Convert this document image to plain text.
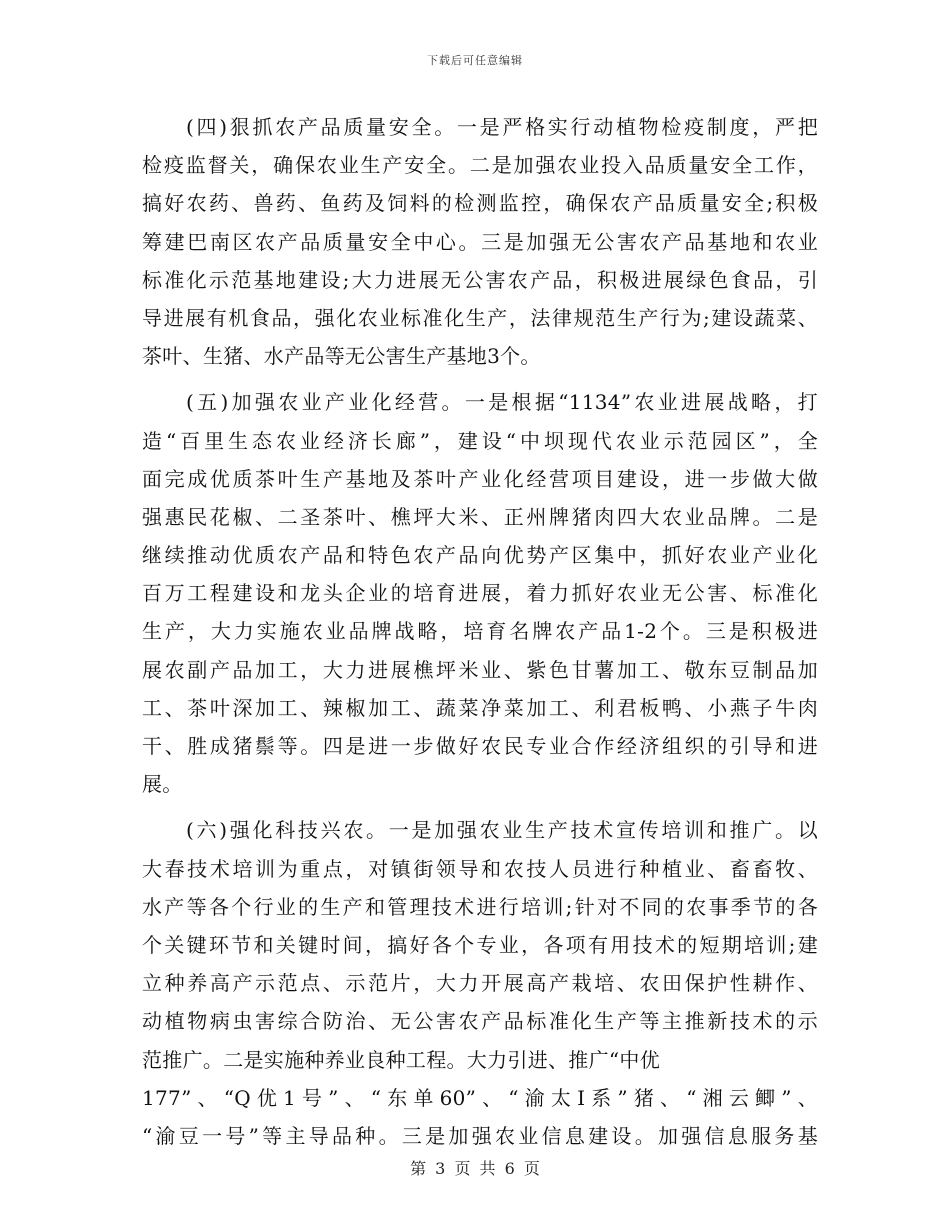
下载后可任意编辑
(四)狠抓农产品质量安全。一是严格实行动植物检疫制度，严把
检疫监督关，确保农业生产安全。二是加强农业投入品质量安全工作，
搞好农药、兽药、鱼药及饲料的检测监控，确保农产品质量安全;积极
筹建巴南区农产品质量安全中心。三是加强无公害农产品基地和农业
标准化示范基地建设;大力进展无公害农产品，积极进展绿色食品，引
导进展有机食品，强化农业标准化生产，法律规范生产行为;建设蔬菜、
茶叶、生猪、水产品等无公害生产基地3个。
(五)加强农业产业化经营。一是根据“1134”农业进展战略，打
造“百里生态农业经济长廊”，建设“中坝现代农业示范园区”，全
面完成优质茶叶生产基地及茶叶产业化经营项目建设，进一步做大做
强惠民花椒、二圣茶叶、樵坪大米、正州牌猪肉四大农业品牌。二是
继续推动优质农产品和特色农产品向优势产区集中，抓好农业产业化
百万工程建设和龙头企业的培育进展，着力抓好农业无公害、标准化
生产，大力实施农业品牌战略，培育名牌农产品1-2个。三是积极进
展农副产品加工，大力进展樵坪米业、紫色甘薯加工、敬东豆制品加
工、茶叶深加工、辣椒加工、蔬菜净菜加工、利君板鸭、小燕子牛肉
干、胜成猪鬃等。四是进一步做好农民专业合作经济组织的引导和进
展。
(六)强化科技兴农。一是加强农业生产技术宣传培训和推广。以
大春技术培训为重点，对镇街领导和农技人员进行种植业、畜畜牧、
水产等各个行业的生产和管理技术进行培训;针对不同的农事季节的各
个关键环节和关键时间，搞好各个专业，各项有用技术的短期培训;建
立种养高产示范点、示范片，大力开展高产栽培、农田保护性耕作、
动植物病虫害综合防治、无公害农产品标准化生产等主推新技术的示
范推广。二是实施种养业良种工程。大力引进、推广“中优
177”、“Q优1号”、“东单60”、“渝太Ⅰ系”猪、“湘云鲫”、
“渝豆一号”等主导品种。三是加强农业信息建设。加强信息服务基
第 3 页 共 6 页
